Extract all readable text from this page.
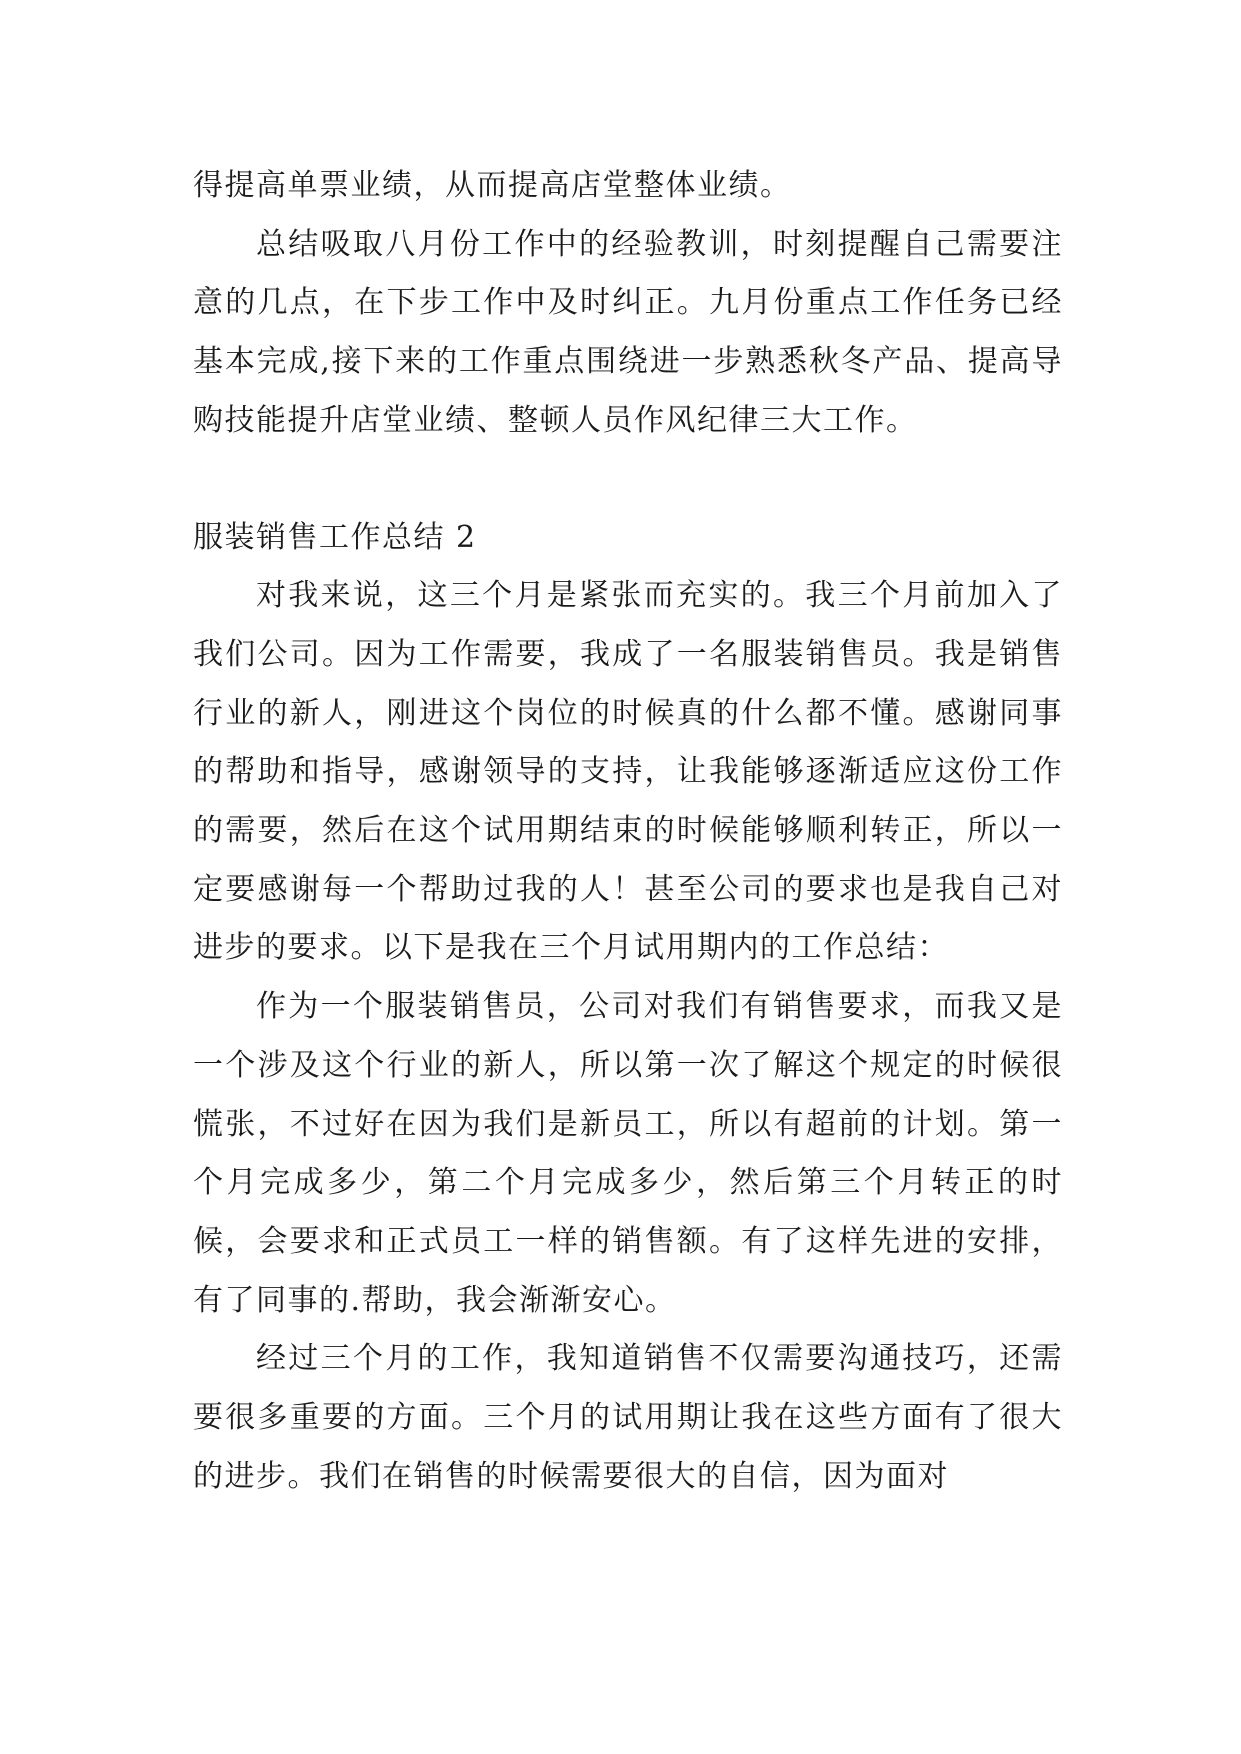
得提高单票业绩，从而提高店堂整体业绩。

总结吸取八月份工作中的经验教训，时刻提醒自己需要注意的几点，在下步工作中及时纠正。九月份重点工作任务已经基本完成,接下来的工作重点围绕进一步熟悉秋冬产品、提高导购技能提升店堂业绩、整顿人员作风纪律三大工作。

服装销售工作总结 2

对我来说，这三个月是紧张而充实的。我三个月前加入了我们公司。因为工作需要，我成了一名服装销售员。我是销售行业的新人，刚进这个岗位的时候真的什么都不懂。感谢同事的帮助和指导，感谢领导的支持，让我能够逐渐适应这份工作的需要，然后在这个试用期结束的时候能够顺利转正，所以一定要感谢每一个帮助过我的人！甚至公司的要求也是我自己对进步的要求。以下是我在三个月试用期内的工作总结：

作为一个服装销售员，公司对我们有销售要求，而我又是一个涉及这个行业的新人，所以第一次了解这个规定的时候很慌张，不过好在因为我们是新员工，所以有超前的计划。第一个月完成多少，第二个月完成多少，然后第三个月转正的时候，会要求和正式员工一样的销售额。有了这样先进的安排，有了同事的.帮助，我会渐渐安心。

经过三个月的工作，我知道销售不仅需要沟通技巧，还需要很多重要的方面。三个月的试用期让我在这些方面有了很大的进步。我们在销售的时候需要很大的自信，因为面对
